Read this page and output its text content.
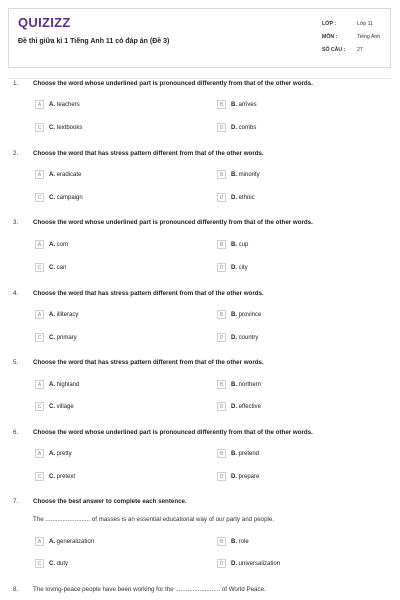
QUIZIZZ
Đề thi giữa kì 1 Tiếng Anh 11 có đáp án (Đề 3)
LỚP :	Lớp 11
MÔN :	Tiếng Anh
SỐ CÂU :	27
1. Choose the word whose underlined part is pronounced differently from that of the other words.
A	A. teachers	B	B. arrives
C	C. textbooks	D	D. combs
2. Choose the word that has stress pattern different from that of the other words.
A	A. eradicate	B	B. minority
C	C. campaign	D	D. ethnic
3. Choose the word whose underlined part is pronounced differently from that of the other words.
A	A. corn	B	B. cup
C	C. can	D	D. city
4. Choose the word that has stress pattern different from that of the other words.
A	A. illiteracy	B	B. province
C	C. primary	D	D. country
5. Choose the word that has stress pattern different from that of the other words.
A	A. highland	B	B. northern
C	C. village	D	D. effective
6. Choose the word whose underlined part is pronounced differently from that of the other words.
A	A. pretty	B	B. pretend
C	C. pretext	D	D. prepare
7. Choose the best answer to complete each sentence.
The .......................... of masses is an essential educational way of our party and people.
A	A. generalization	B	B. role
C	C. duty	D	D. universalization
8. The loving-peace people have been working for the .......................... of World Peace.
